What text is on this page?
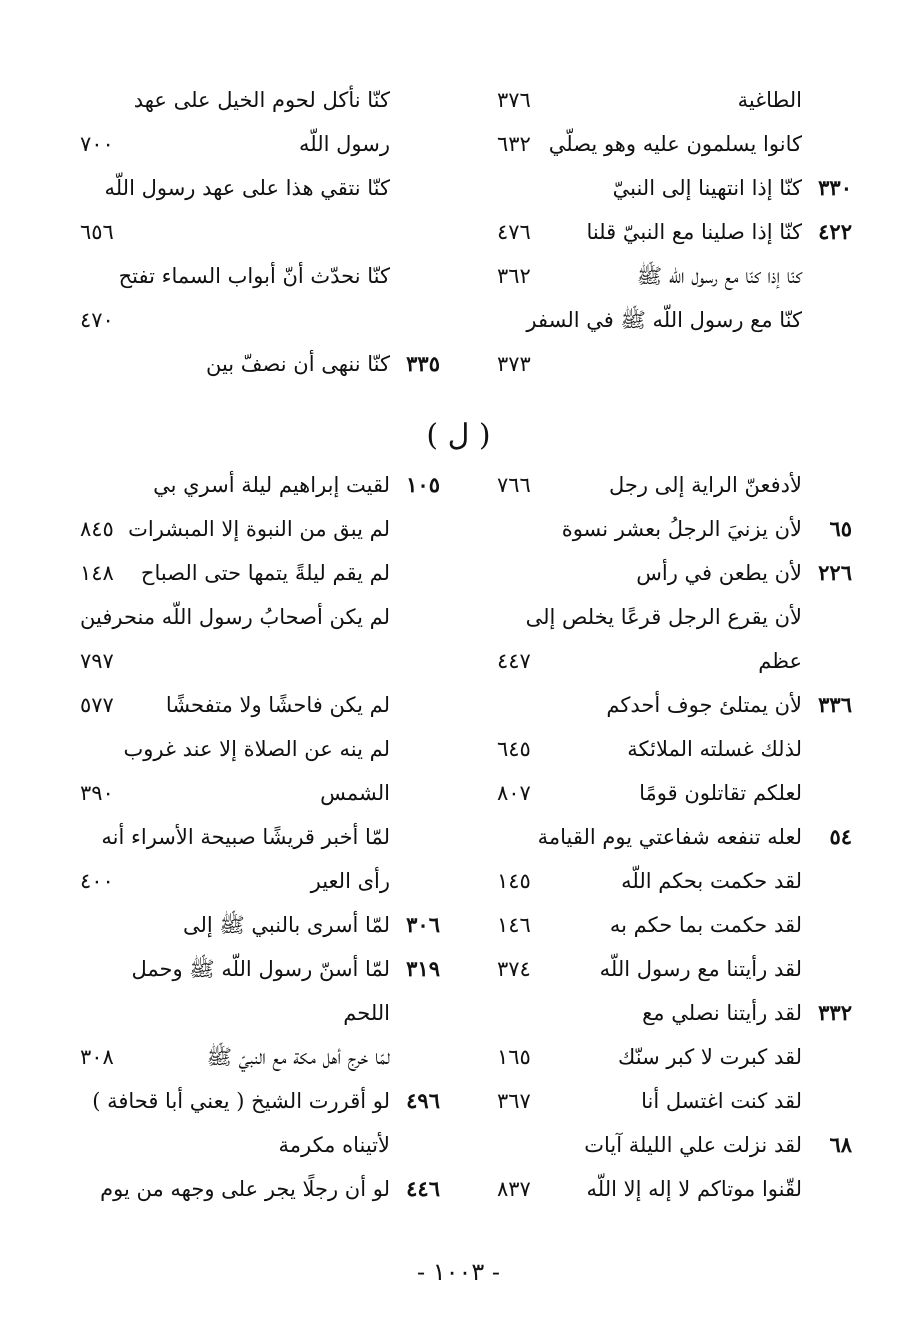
الطاغية
٣٧٦
كانوا يسلمون عليه وهو يصلّي
٦٣٢
٣٣٠
كنّا إذا انتهينا إلى النبيّ
٤٢٢
كنّا إذا صلينا مع النبيّ قلنا
٤٧٦
كنّا إذا كنّا مع رسول اللّه ﷺ
٣٦٢
كنّا مع رسول اللّه ﷺ في السفر
٣٧٣
كنّا نأكل لحوم الخيل على عهد
رسول اللّه
٧٠٠
كنّا نتقي هذا على عهد رسول اللّه
٦٥٦
كنّا نحدّث أنّ أبواب السماء تفتح
٤٧٠
٣٣٥
كنّا ننهى أن نصفّ بين
( ل )
لأدفعنّ الراية إلى رجل
٧٦٦
٦٥
لأن يزنيَ الرجلُ بعشر نسوة
٢٢٦
لأن يطعن في رأس
لأن يقرع الرجل قرعًا يخلص إلى
عظم
٤٤٧
٣٣٦
لأن يمتلئ جوف أحدكم
لذلك غسلته الملائكة
٦٤٥
لعلكم تقاتلون قومًا
٨٠٧
٥٤
لعله تنفعه شفاعتي يوم القيامة
لقد حكمت بحكم اللّه
١٤٥
لقد حكمت بما حكم به
١٤٦
لقد رأيتنا مع رسول اللّه
٣٧٤
٣٣٢
لقد رأيتنا نصلي مع
لقد كبرت لا كبر سنّك
١٦٥
لقد كنت اغتسل أنا
٣٦٧
٦٨
لقد نزلت علي الليلة آيات
لقّنوا موتاكم لا إله إلا اللّه
٨٣٧
١٠٥
لقيت إبراهيم ليلة أسري بي
لم يبق من النبوة إلا المبشرات
٨٤٥
لم يقم ليلةً يتمها حتى الصباح
١٤٨
لم يكن أصحابُ رسول اللّه منحرفين
٧٩٧
لم يكن فاحشًا ولا متفحشًا
٥٧٧
لم ينه عن الصلاة إلا عند غروب
الشمس
٣٩٠
لمّا أخبر قريشًا صبيحة الأسراء أنه
رأى العير
٤٠٠
٣٠٦
لمّا أسرى بالنبي ﷺ إلى
٣١٩
لمّا أسنّ رسول اللّه ﷺ وحمل
اللحم
لمّا خرج أهل مكة مع النبيّ ﷺ
٣٠٨
٤٩٦
لو أقررت الشيخ ( يعني أبا قحافة )
لأتيناه مكرمة
٤٤٦
لو أن رجلًا يجر على وجهه من يوم
- ١٠٠٣ -
